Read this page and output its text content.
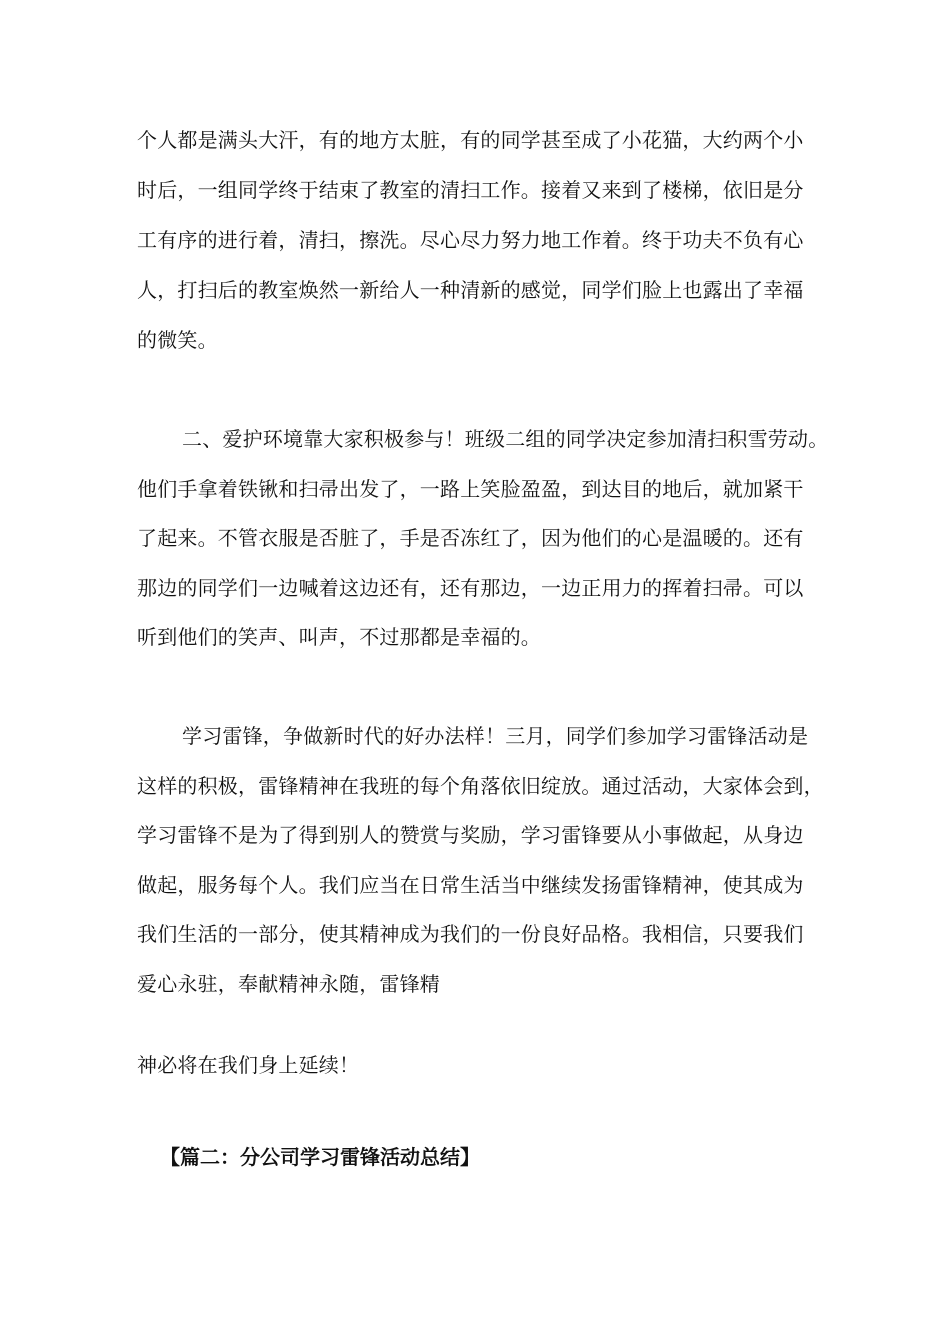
个人都是满头大汗，有的地方太脏，有的同学甚至成了小花猫，大约两个小
时后，一组同学终于结束了教室的清扫工作。接着又来到了楼梯，依旧是分
工有序的进行着，清扫，擦洗。尽心尽力努力地工作着。终于功夫不负有心
人，打扫后的教室焕然一新给人一种清新的感觉，同学们脸上也露出了幸福
的微笑。
二、爱护环境靠大家积极参与！班级二组的同学决定参加清扫积雪劳动。
他们手拿着铁锹和扫帚出发了，一路上笑脸盈盈，到达目的地后，就加紧干
了起来。不管衣服是否脏了，手是否冻红了，因为他们的心是温暖的。还有
那边的同学们一边喊着这边还有，还有那边，一边正用力的挥着扫帚。可以
听到他们的笑声、叫声，不过那都是幸福的。
学习雷锋，争做新时代的好办法样！三月，同学们参加学习雷锋活动是
这样的积极，雷锋精神在我班的每个角落依旧绽放。通过活动，大家体会到，
学习雷锋不是为了得到别人的赞赏与奖励，学习雷锋要从小事做起，从身边
做起，服务每个人。我们应当在日常生活当中继续发扬雷锋精神，使其成为
我们生活的一部分，使其精神成为我们的一份良好品格。我相信，只要我们
爱心永驻，奉献精神永随，雷锋精
神必将在我们身上延续！
【篇二：分公司学习雷锋活动总结】
